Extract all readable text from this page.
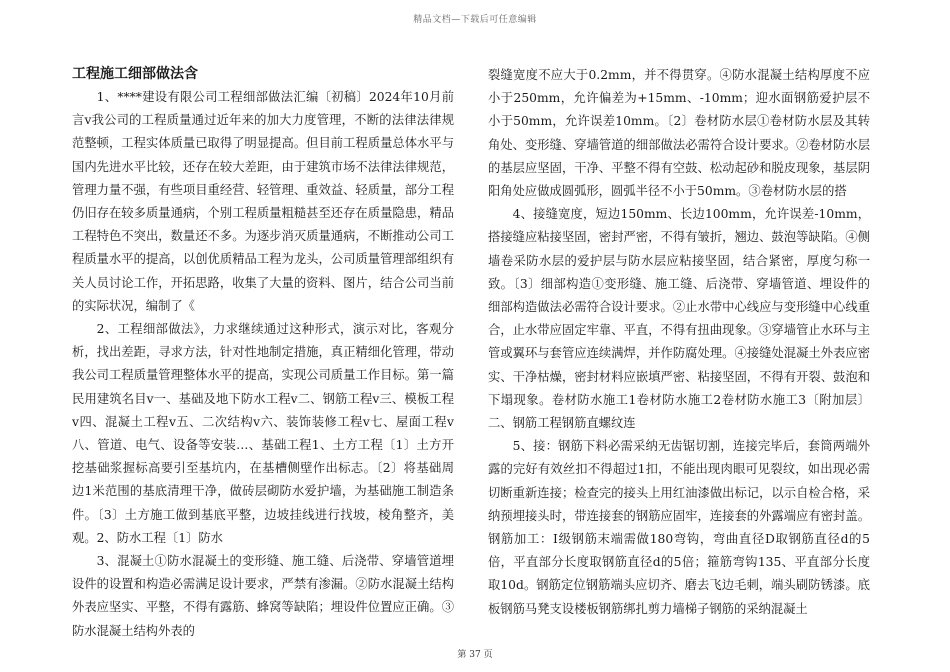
精品文档—下载后可任意编辑
工程施工细部做法含

1、****建设有限公司工程细部做法汇编〔初稿〕2024年10月前言ⅴ我公司的工程质量通过近年来的加大力度管理，不断的法律法律规范整顿，工程实体质量已取得了明显提高。但目前工程质量总体水平与国内先进水平比较，还存在较大差距，由于建筑市场不法律法律规范，管理力量不强，有些项目重经营、轻管理、重效益、轻质量，部分工程仍旧存在较多质量通病，个别工程质量粗糙甚至还存在质量隐患，精品工程特色不突出，数量还不多。为逐步消灭质量通病，不断推动公司工程质量水平的提高，以创优质精品工程为龙头，公司质量管理部组织有关人员讨论工作，开拓思路，收集了大量的资料、图片，结合公司当前的实际状况，编制了《

2、工程细部做法》，力求继续通过这种形式，演示对比，客观分析，找出差距，寻求方法，针对性地制定措施，真正精细化管理，带动我公司工程质量管理整体水平的提高，实现公司质量工作目标。第一篇民用建筑名目ⅴ一、基础及地下防水工程ⅴ二、钢筋工程ⅴ三、模板工程ⅴ四、混凝土工程ⅴ五、二次结构ⅴ六、装饰装修工程ⅴ七、屋面工程ⅴ八、管道、电气、设备等安装…、基础工程1、土方工程〔1〕土方开挖基础浆握标高要引至基坑内，在基槽侧壁作出标志。〔2〕将基础周边1米范围的基底清理干净，做砖层砌防水爱护墙，为基础施工制造条件。〔3〕土方施工做到基底平整，边坡挂线进行找坡，棱角整齐，美观。2、防水工程〔1〕防水

3、混凝土①防水混凝土的变形缝、施工缝、后浇带、穿墙管道埋设件的设置和构造必需满足设计要求，严禁有渗漏。②防水混凝土结构外表应坚实、平整，不得有露筋、蜂窝等缺陷；埋设件位置应正确。③防水混凝土结构外表的

裂缝宽度不应大于0.2mm，并不得贯穿。④防水混凝土结构厚度不应小于250mm，允许偏差为+15mm、-10mm；迎水面钢筋爱护层不小于50mm，允许误差10mm。〔2〕卷材防水层①卷材防水层及其转角处、变形缝、穿墙管道的细部做法必需符合设计要求。②卷材防水层的基层应坚固，干净、平整不得有空鼓、松动起砂和脱皮现象，基层阴阳角处应做成圆弧形，圆弧半径不小于50mm。③卷材防水层的搭

4、接缝宽度，短边150mm、长边100mm，允许误差-10mm，搭接缝应粘接坚固，密封严密，不得有皱折，翘边、鼓泡等缺陷。④侧墙卷采防水层的爱护层与防水层应粘接坚固，结合紧密，厚度匀称一致。〔3〕细部构造①变形缝、施工缝、后浇带、穿墙管道、埋设件的细部构造做法必需符合设计要求。②止水带中心线应与变形缝中心线重合，止水带应固定牢靠、平直，不得有扭曲现象。③穿墙管止水环与主管或翼环与套管应连续满焊，并作防腐处理。④接缝处混凝土外表应密实、干净枯燥，密封材料应嵌填严密、粘接坚固，不得有开裂、鼓泡和下塌现象。卷材防水施工1卷材防水施工2卷材防水施工3〔附加层〕二、钢筋工程钢筋直螺纹连

5、接：钢筋下料必需采纳无齿锯切割，连接完毕后，套筒两端外露的完好有效丝扣不得超过1扣，不能出现肉眼可见裂纹，如出现必需切断重新连接；检查完的接头上用红油漆做出标记，以示自检合格，采纳预埋接头时，带连接套的钢筋应固牢，连接套的外露端应有密封盖。钢筋加工：Ⅰ级钢筋末端需做180弯钩，弯曲直径D取钢筋直径d的5倍，平直部分长度取钢筋直径d的5倍；箍筋弯钩135、平直部分长度取10d。钢筋定位钢筋端头应切齐、磨去飞边毛刺，端头刷防锈漆。底板钢筋马凳支设楼板钢筋绑扎剪力墙梯子钢筋的采纳混凝土

第 37 页
